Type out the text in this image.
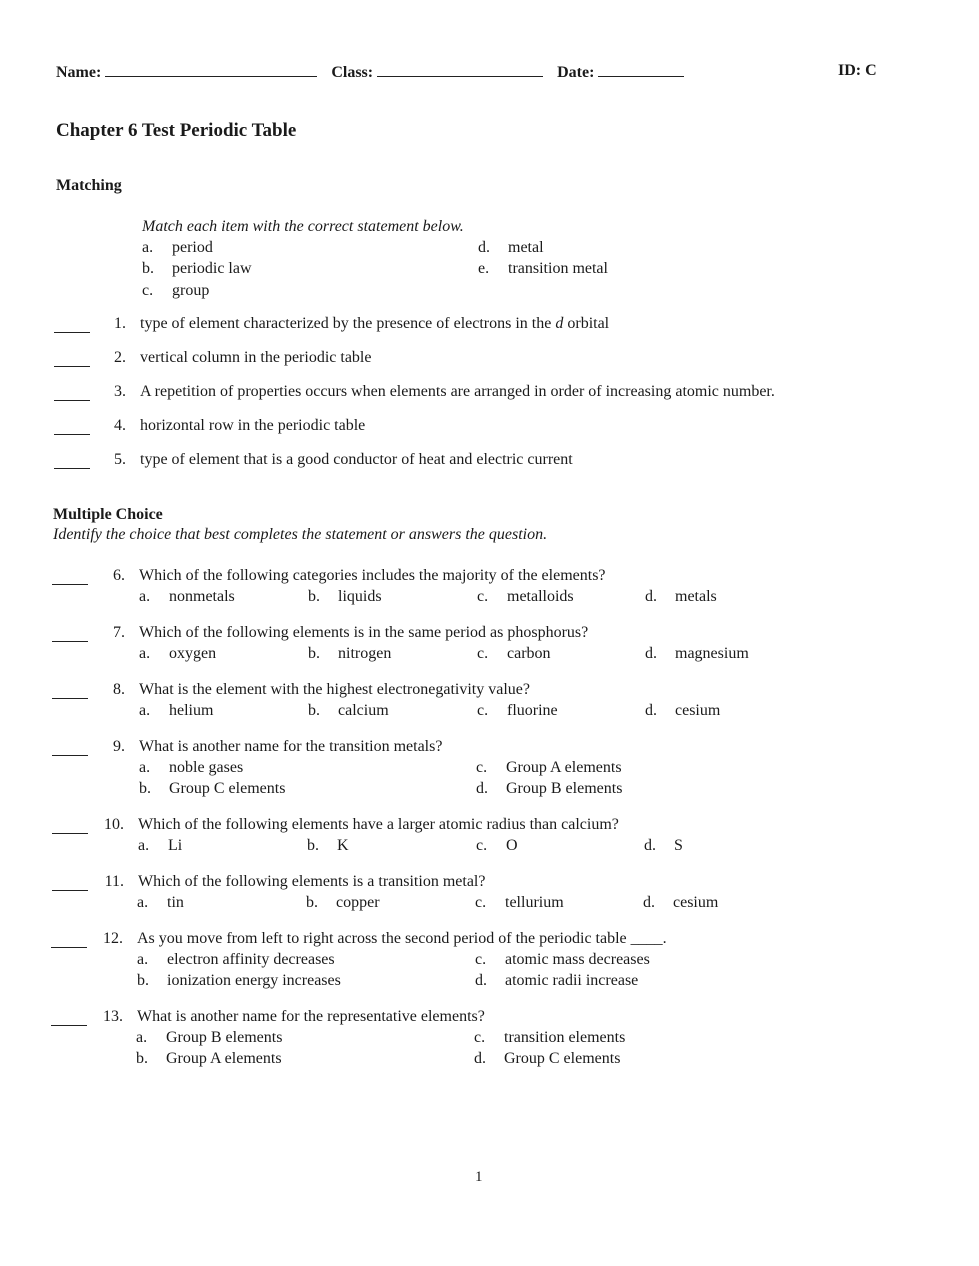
Name:	Class:	Date:	ID: C
Chapter 6 Test Periodic Table
Matching
Match each item with the correct statement below.
a. period
b. periodic law
c. group
d. metal
e. transition metal
1. type of element characterized by the presence of electrons in the d orbital
2. vertical column in the periodic table
3. A repetition of properties occurs when elements are arranged in order of increasing atomic number.
4. horizontal row in the periodic table
5. type of element that is a good conductor of heat and electric current
Multiple Choice
Identify the choice that best completes the statement or answers the question.
6. Which of the following categories includes the majority of the elements?
a. nonmetals	b. liquids	c. metalloids	d. metals
7. Which of the following elements is in the same period as phosphorus?
a. oxygen	b. nitrogen	c. carbon	d. magnesium
8. What is the element with the highest electronegativity value?
a. helium	b. calcium	c. fluorine	d. cesium
9. What is another name for the transition metals?
a. noble gases
b. Group C elements
c. Group A elements
d. Group B elements
10. Which of the following elements have a larger atomic radius than calcium?
a. Li	b. K	c. O	d. S
11. Which of the following elements is a transition metal?
a. tin	b. copper	c. tellurium	d. cesium
12. As you move from left to right across the second period of the periodic table ____.
a. electron affinity decreases
b. ionization energy increases
c. atomic mass decreases
d. atomic radii increase
13. What is another name for the representative elements?
a. Group B elements
b. Group A elements
c. transition elements
d. Group C elements
1
